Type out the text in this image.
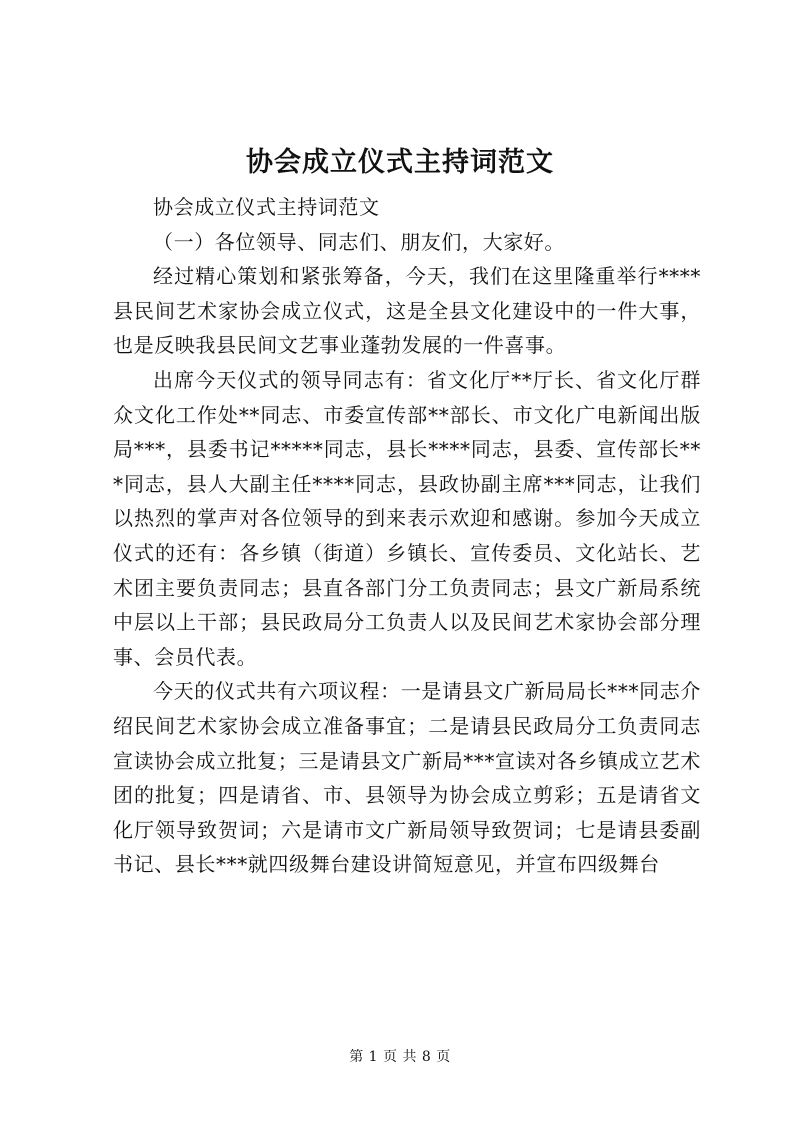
协会成立仪式主持词范文

协会成立仪式主持词范文

（一）各位领导、同志们、朋友们，大家好。

经过精心策划和紧张筹备，今天，我们在这里隆重举行****县民间艺术家协会成立仪式，这是全县文化建设中的一件大事，也是反映我县民间文艺事业蓬勃发展的一件喜事。

出席今天仪式的领导同志有：省文化厅**厅长、省文化厅群众文化工作处**同志、市委宣传部**部长、市文化广电新闻出版局***，县委书记*****同志，县长****同志，县委、宣传部长***同志，县人大副主任****同志，县政协副主席***同志，让我们以热烈的掌声对各位领导的到来表示欢迎和感谢。参加今天成立仪式的还有：各乡镇（街道）乡镇长、宣传委员、文化站长、艺术团主要负责同志；县直各部门分工负责同志；县文广新局系统中层以上干部；县民政局分工负责人以及民间艺术家协会部分理事、会员代表。

今天的仪式共有六项议程：一是请县文广新局局长***同志介绍民间艺术家协会成立准备事宜；二是请县民政局分工负责同志宣读协会成立批复；三是请县文广新局***宣读对各乡镇成立艺术团的批复；四是请省、市、县领导为协会成立剪彩；五是请省文化厅领导致贺词；六是请市文广新局领导致贺词；七是请县委副书记、县长***就四级舞台建设讲简短意见，并宣布四级舞台

第 1 页 共 8 页
